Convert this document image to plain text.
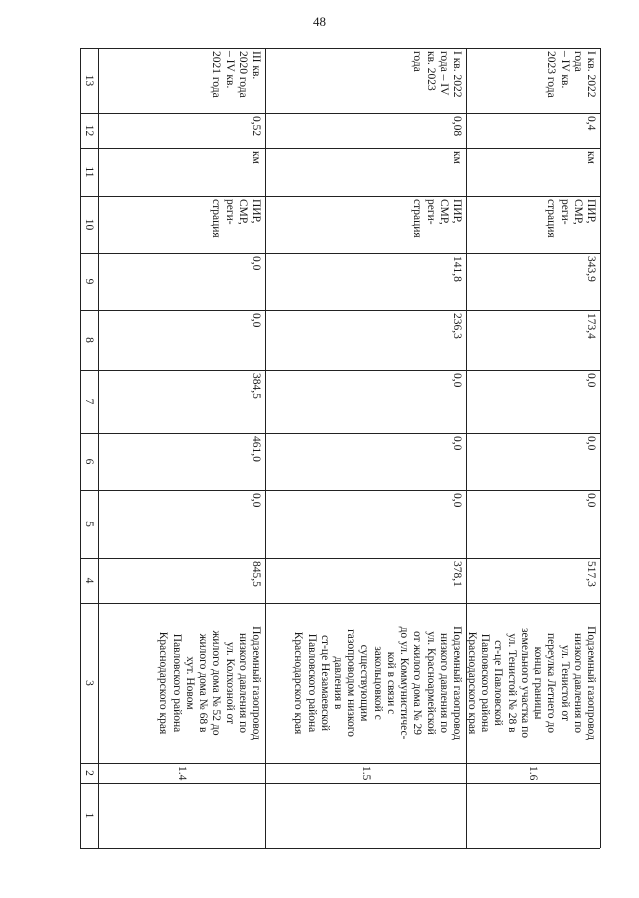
48
1
2
3
4
5
6
7
8
9
10
11
12
13
1.4
Подземный газопровод
низкого давления по
ул. Колхозной от
жилого дома № 52 до
жилого дома № 68 в
хут. Новом
Павловского района
Краснодарского края
845,5
0,0
461,0
384,5
0,0
0,0
ПИР,
СМР,
реги-
страция
км
0,52
III кв.
2020 года
– IV кв.
2021 года
1.5
Подземный газопровод
низкого давления по
ул. Красноармейской
от жилого дома № 29
до ул. Коммунистичес-
кой в связи с
закольцовкой с
существующим
газопроводом низкого
давления в
ст-це Незамаевской
Павловского района
Краснодарского края
378,1
0,0
0,0
0,0
236,3
141,8
ПИР,
СМР,
реги-
страция
км
0,08
I кв. 2022
года – IV
кв. 2023
года
1.6
Подземный газопровод
низкого давления по
ул. Тенистой от
переулка Летнего до
конца границы
земельного участка по
ул. Тенистой № 28 в
ст-це Павловской
Павловского района
Краснодарского края
517,3
0,0
0,0
0,0
173,4
343,9
ПИР,
СМР,
реги-
страция
км
0,4
I кв. 2022
года
– IV кв.
2023 года
